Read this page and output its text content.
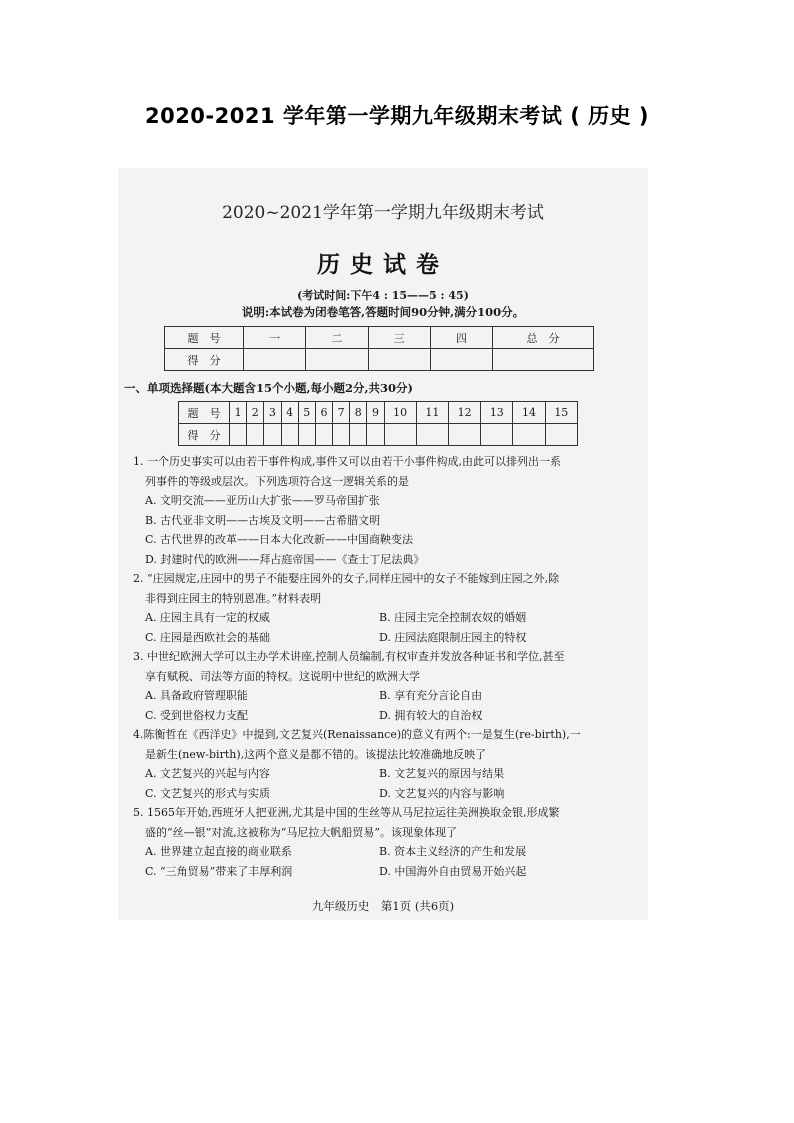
2020-2021 学年第一学期九年级期末考试 ( 历史 )
2020~2021学年第一学期九年级期末考试
历史试卷
(考试时间:下午4 : 15——5 : 45)
说明:本试卷为闭卷笔答,答题时间90分钟,满分100分。
题　号	一	二	三	四	总　分
得　分					
一、单项选择题(本大题含15个小题,每小题2分,共30分)
题　号	1	2	3	4	5	6	7	8	9	10	11	12	13	14	15
得　分															

1. 一个历史事实可以由若干事件构成,事件又可以由若干小事件构成,由此可以排列出一系

列事件的等级或层次。下列选项符合这一逻辑关系的是

A. 文明交流——亚历山大扩张——罗马帝国扩张

B. 古代亚非文明——古埃及文明——古希腊文明

C. 古代世界的改革——日本大化改新——中国商鞅变法

D. 封建时代的欧洲——拜占庭帝国——《查士丁尼法典》

2. “庄园规定,庄园中的男子不能娶庄园外的女子,同样庄园中的女子不能嫁到庄园之外,除

非得到庄园主的特别恩准。”材料表明

A. 庄园主具有一定的权威	B. 庄园主完全控制农奴的婚姻
C. 庄园是西欧社会的基础	D. 庄园法庭限制庄园主的特权

3. 中世纪欧洲大学可以主办学术讲座,控制人员编制,有权审查并发放各种证书和学位,甚至

享有赋税、司法等方面的特权。这说明中世纪的欧洲大学

A. 具备政府管理职能	B. 享有充分言论自由
C. 受到世俗权力支配	D. 拥有较大的自治权

4.陈衡哲在《西洋史》中提到,文艺复兴(Renaissance)的意义有两个:一是复生(re-birth),一

是新生(new-birth),这两个意义是都不错的。该提法比较准确地反映了

A. 文艺复兴的兴起与内容	B. 文艺复兴的原因与结果
C. 文艺复兴的形式与实质	D. 文艺复兴的内容与影响

5. 1565年开始,西班牙人把亚洲,尤其是中国的生丝等从马尼拉运往美洲换取金银,形成繁

盛的“丝—银”对流,这被称为“马尼拉大帆船贸易”。该现象体现了

A. 世界建立起直接的商业联系	B. 资本主义经济的产生和发展
C. “三角贸易”带来了丰厚利润	D. 中国海外自由贸易开始兴起
九年级历史　第1页 (共6页)
